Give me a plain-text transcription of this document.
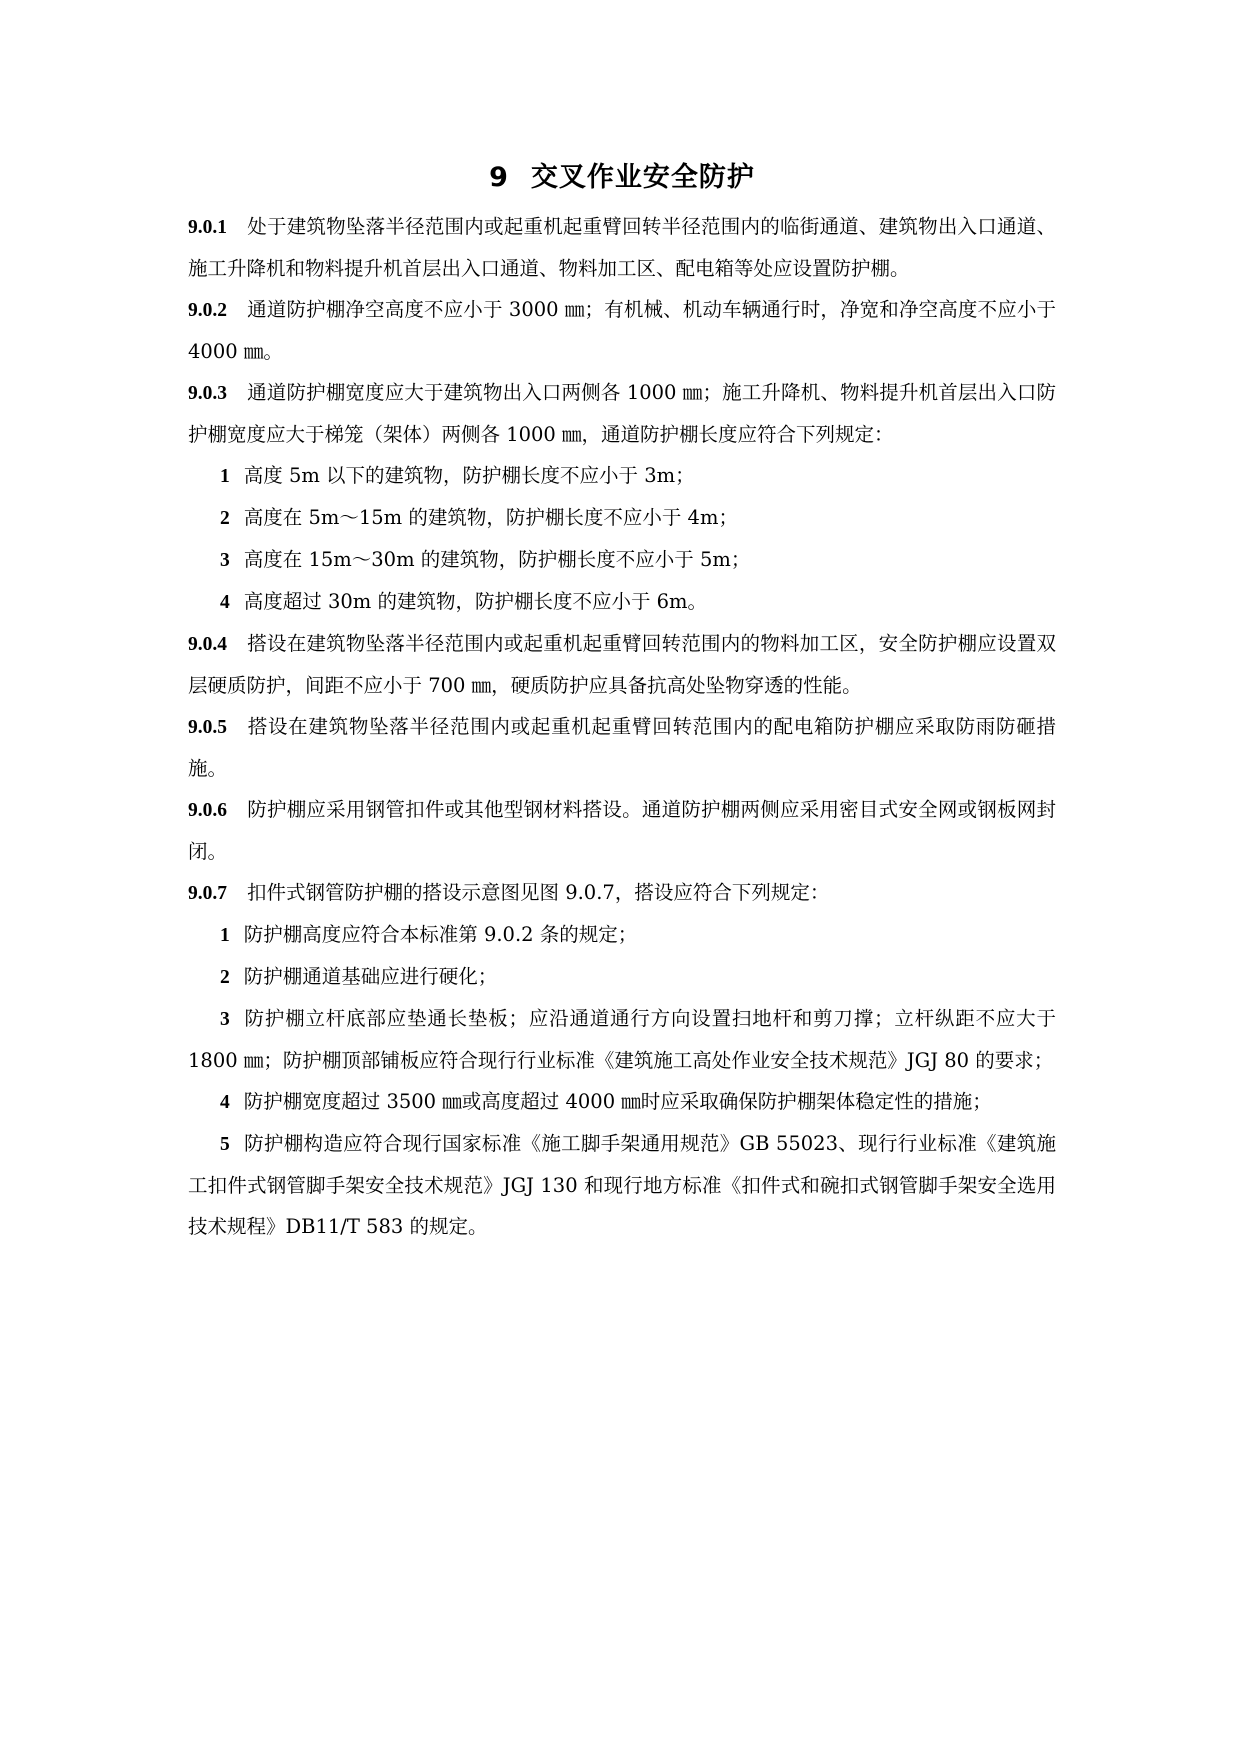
9 交叉作业安全防护

9.0.1 处于建筑物坠落半径范围内或起重机起重臂回转半径范围内的临街通道、建筑物出入口通道、施工升降机和物料提升机首层出入口通道、物料加工区、配电箱等处应设置防护棚。

9.0.2 通道防护棚净空高度不应小于 3000 ㎜；有机械、机动车辆通行时，净宽和净空高度不应小于 4000 ㎜。

9.0.3 通道防护棚宽度应大于建筑物出入口两侧各 1000 ㎜；施工升降机、物料提升机首层出入口防护棚宽度应大于梯笼（架体）两侧各 1000 ㎜，通道防护棚长度应符合下列规定：

1 高度 5m 以下的建筑物，防护棚长度不应小于 3m；

2 高度在 5m～15m 的建筑物，防护棚长度不应小于 4m；

3 高度在 15m～30m 的建筑物，防护棚长度不应小于 5m；

4 高度超过 30m 的建筑物，防护棚长度不应小于 6m。

9.0.4 搭设在建筑物坠落半径范围内或起重机起重臂回转范围内的物料加工区，安全防护棚应设置双层硬质防护，间距不应小于 700 ㎜，硬质防护应具备抗高处坠物穿透的性能。

9.0.5 搭设在建筑物坠落半径范围内或起重机起重臂回转范围内的配电箱防护棚应采取防雨防砸措施。

9.0.6 防护棚应采用钢管扣件或其他型钢材料搭设。通道防护棚两侧应采用密目式安全网或钢板网封闭。

9.0.7 扣件式钢管防护棚的搭设示意图见图 9.0.7，搭设应符合下列规定：

1 防护棚高度应符合本标准第 9.0.2 条的规定；

2 防护棚通道基础应进行硬化；

3 防护棚立杆底部应垫通长垫板；应沿通道通行方向设置扫地杆和剪刀撑；立杆纵距不应大于 1800 ㎜；防护棚顶部铺板应符合现行行业标准《建筑施工高处作业安全技术规范》JGJ 80 的要求；

4 防护棚宽度超过 3500 ㎜或高度超过 4000 ㎜时应采取确保防护棚架体稳定性的措施；

5 防护棚构造应符合现行国家标准《施工脚手架通用规范》GB 55023、现行行业标准《建筑施工扣件式钢管脚手架安全技术规范》JGJ 130 和现行地方标准《扣件式和碗扣式钢管脚手架安全选用技术规程》DB11/T 583 的规定。
